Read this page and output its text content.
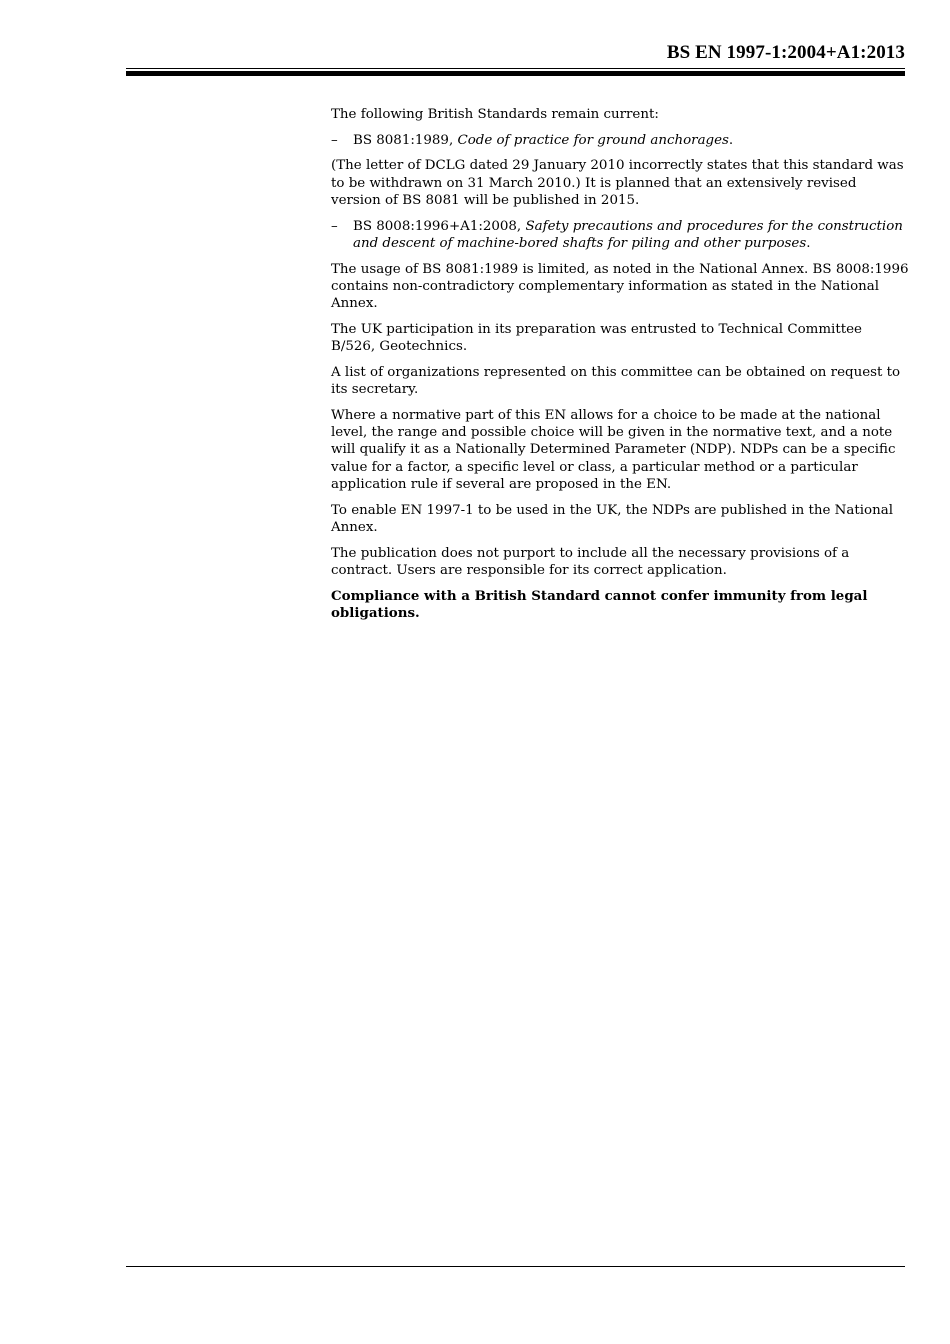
BS EN 1997-1:2004+A1:2013

The following British Standards remain current:

– BS 8081:1989, Code of practice for ground anchorages.

(The letter of DCLG dated 29 January 2010 incorrectly states that this standard was to be withdrawn on 31 March 2010.) It is planned that an extensively revised version of BS 8081 will be published in 2015.

– BS 8008:1996+A1:2008, Safety precautions and procedures for the construction and descent of machine-bored shafts for piling and other purposes.

The usage of BS 8081:1989 is limited, as noted in the National Annex. BS 8008:1996 contains non-contradictory complementary information as stated in the National Annex.

The UK participation in its preparation was entrusted to Technical Committee B/526, Geotechnics.

A list of organizations represented on this committee can be obtained on request to its secretary.

Where a normative part of this EN allows for a choice to be made at the national level, the range and possible choice will be given in the normative text, and a note will qualify it as a Nationally Determined Parameter (NDP). NDPs can be a specific value for a factor, a specific level or class, a particular method or a particular application rule if several are proposed in the EN.

To enable EN 1997-1 to be used in the UK, the NDPs are published in the National Annex.

The publication does not purport to include all the necessary provisions of a contract. Users are responsible for its correct application.

Compliance with a British Standard cannot confer immunity from legal obligations.
